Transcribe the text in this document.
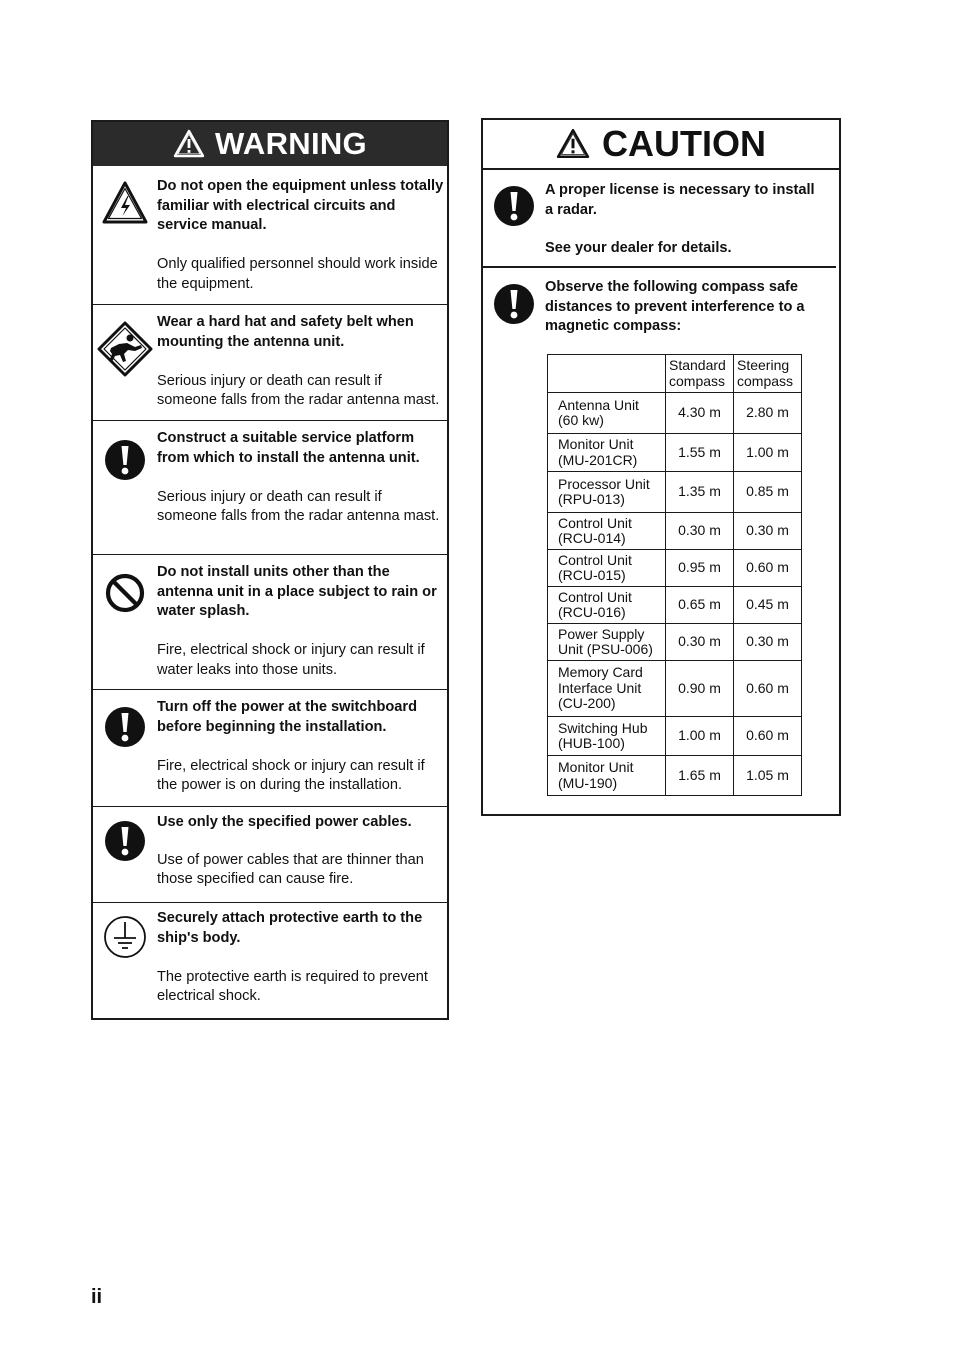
WARNING

Do not open the equipment unless totally familiar with electrical circuits and service manual.

Only qualified personnel should work inside the equipment.

Wear a hard hat and safety belt when mounting the antenna unit.

Serious injury or death can result if someone falls from the radar antenna mast.

Construct a suitable service platform from which to install the antenna unit.

Serious injury or death can result if someone falls from the radar antenna mast.

Do not install units other than the antenna unit in a place subject to rain or water splash.

Fire, electrical shock or injury can result if water leaks into those units.

Turn off the power at the switchboard before beginning the installation.

Fire, electrical shock or injury can result if the power is on during the installation.

Use only the specified power cables.

Use of power cables that are thinner than those specified can cause fire.

Securely attach protective earth to the ship's body.

The protective earth is required to prevent electrical shock.

CAUTION

A proper license is necessary to install a radar.

See your dealer for details.

Observe the following compass safe distances to prevent interference to a magnetic compass:

	Standard compass	Steering compass
Antenna Unit (60 kw)	4.30 m	2.80 m
Monitor Unit (MU-201CR)	1.55 m	1.00 m
Processor Unit (RPU-013)	1.35 m	0.85 m
Control Unit (RCU-014)	0.30 m	0.30 m
Control Unit (RCU-015)	0.95 m	0.60 m
Control Unit (RCU-016)	0.65 m	0.45 m
Power Supply Unit (PSU-006)	0.30 m	0.30 m
Memory Card Interface Unit (CU-200)	0.90 m	0.60 m
Switching Hub (HUB-100)	1.00 m	0.60 m
Monitor Unit (MU-190)	1.65 m	1.05 m
ii
